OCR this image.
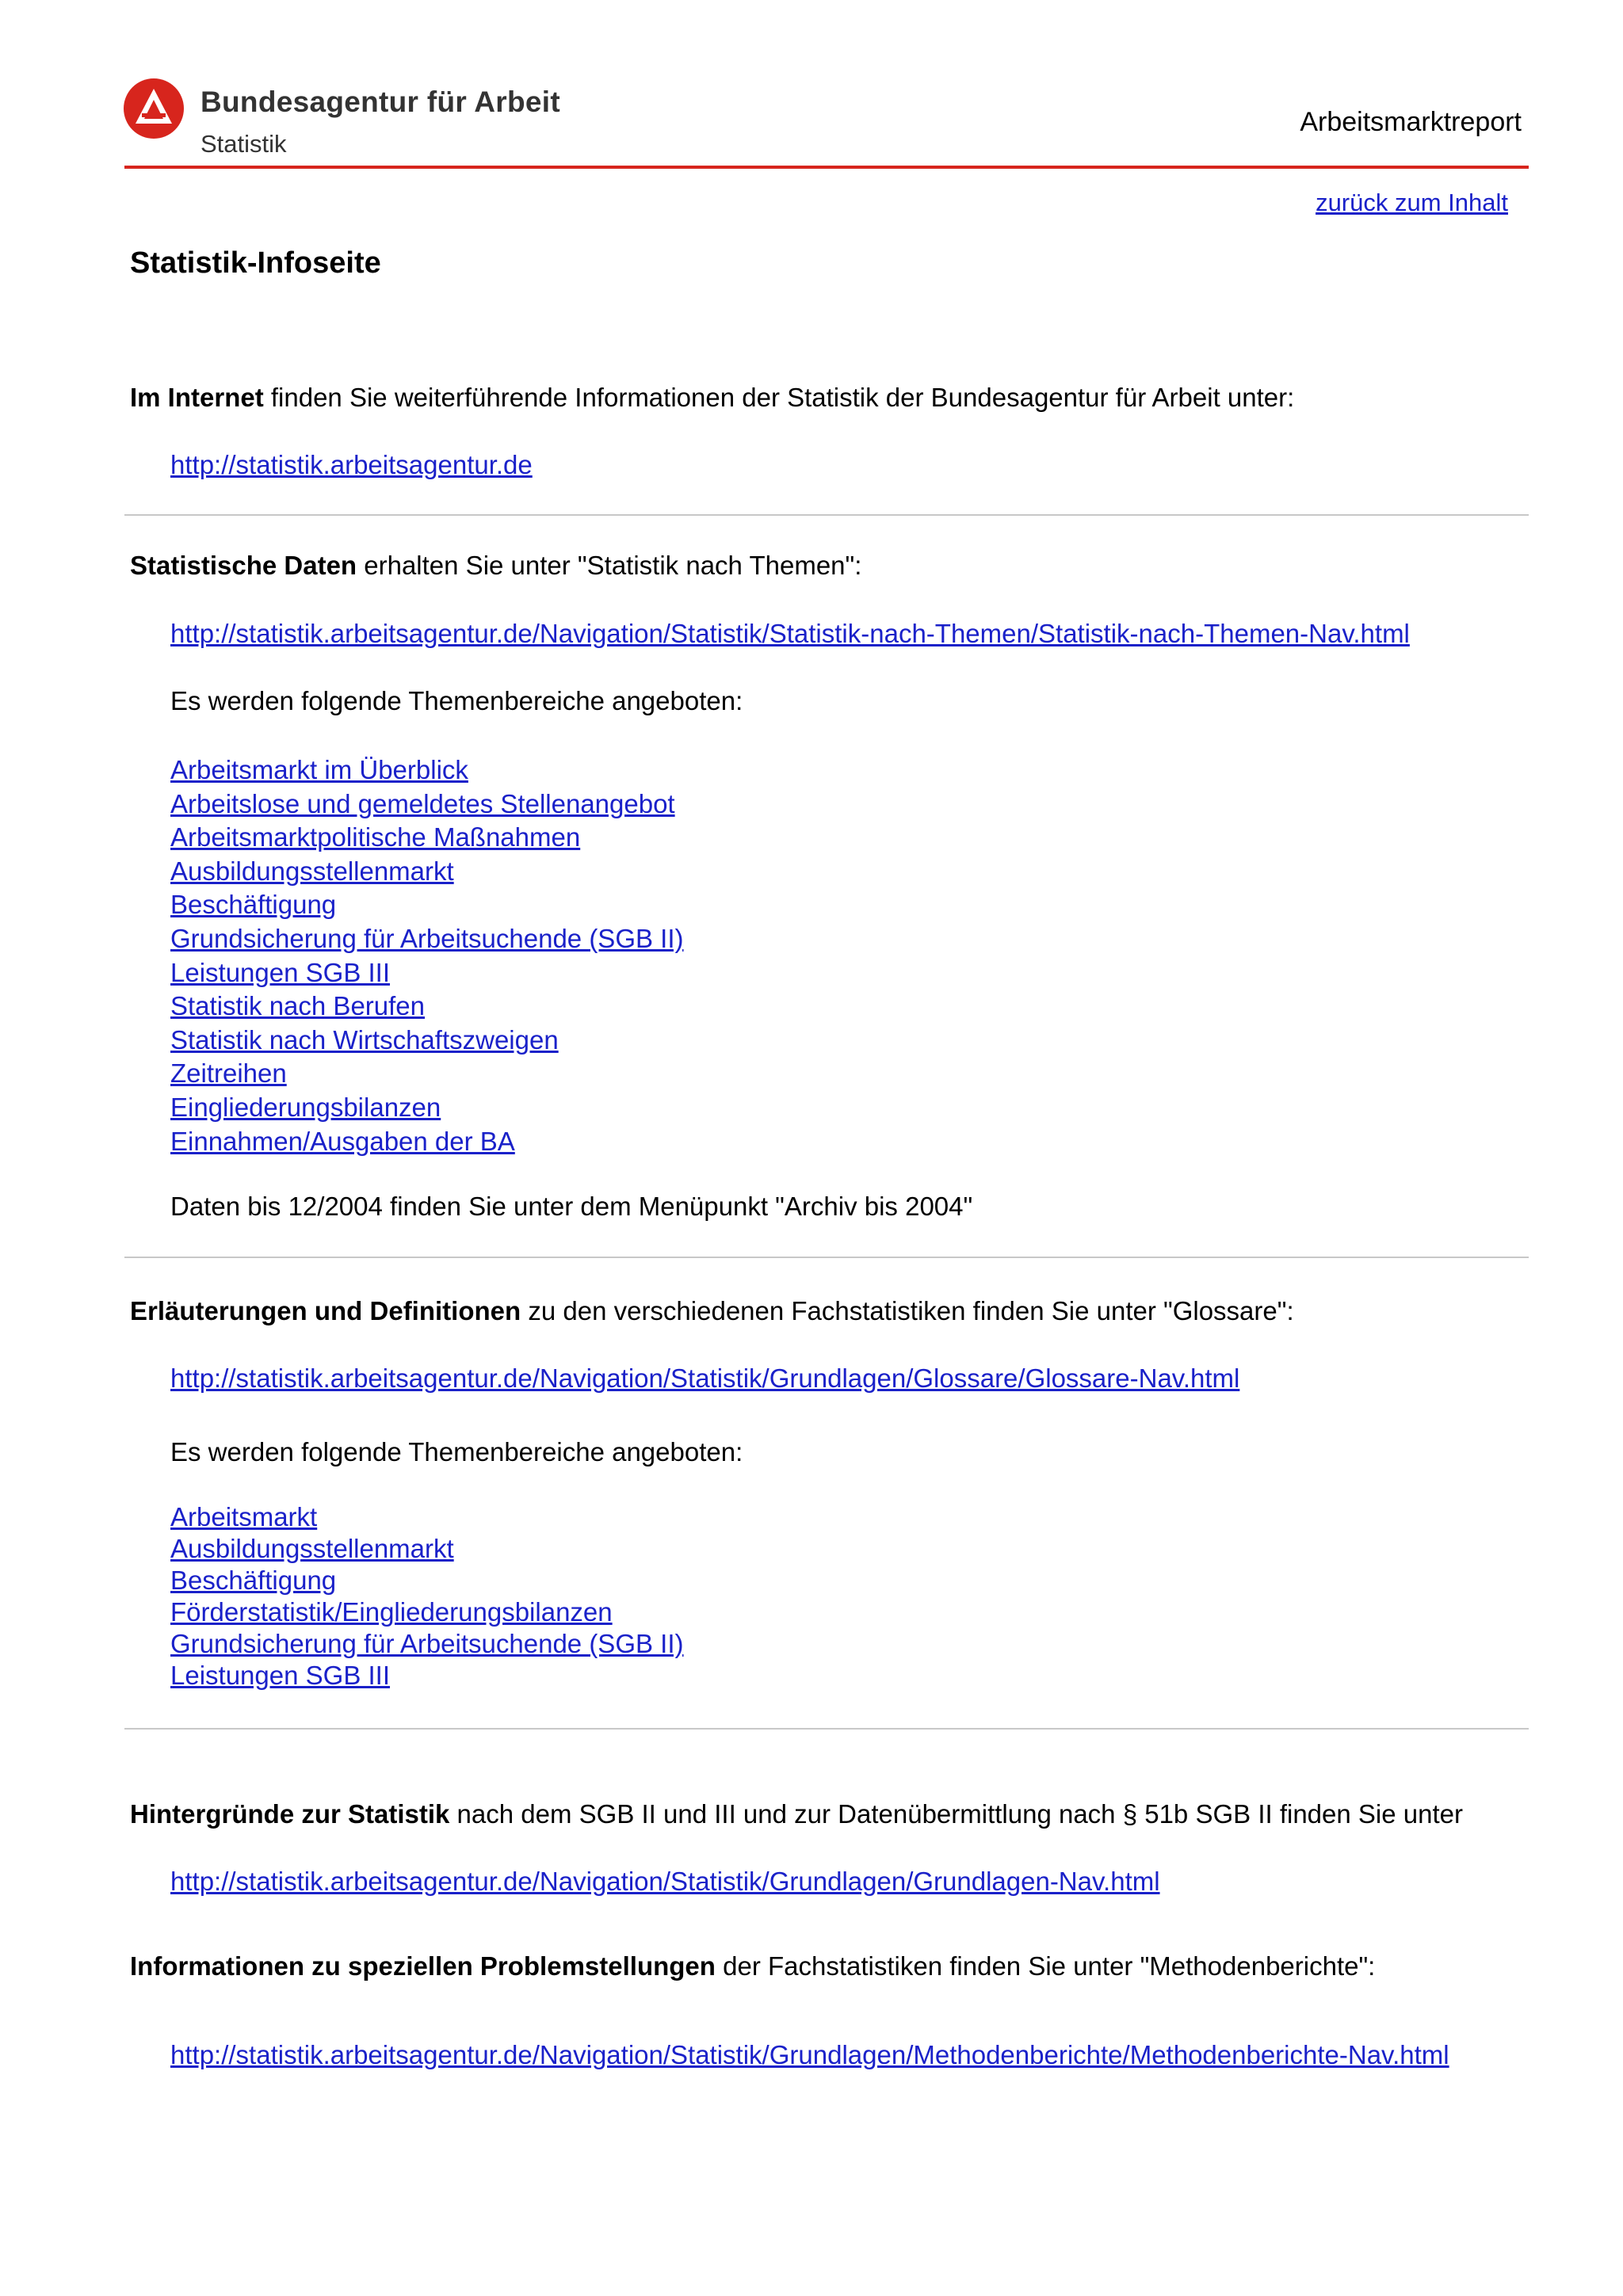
Bundesagentur für Arbeit
Statistik
Arbeitsmarktreport
zurück zum Inhalt
Statistik-Infoseite
Im Internet finden Sie weiterführende Informationen der Statistik der Bundesagentur für Arbeit unter:
http://statistik.arbeitsagentur.de
Statistische Daten erhalten Sie unter "Statistik nach Themen":
http://statistik.arbeitsagentur.de/Navigation/Statistik/Statistik-nach-Themen/Statistik-nach-Themen-Nav.html
Es werden folgende Themenbereiche angeboten:
Arbeitsmarkt im Überblick
Arbeitslose und gemeldetes Stellenangebot
Arbeitsmarktpolitische Maßnahmen
Ausbildungsstellenmarkt
Beschäftigung
Grundsicherung für Arbeitsuchende (SGB II)
Leistungen SGB III
Statistik nach Berufen
Statistik nach Wirtschaftszweigen
Zeitreihen
Eingliederungsbilanzen
Einnahmen/Ausgaben der BA
Daten bis 12/2004 finden Sie unter dem Menüpunkt "Archiv bis 2004"
Erläuterungen und Definitionen zu den verschiedenen Fachstatistiken finden Sie unter "Glossare":
http://statistik.arbeitsagentur.de/Navigation/Statistik/Grundlagen/Glossare/Glossare-Nav.html
Es werden folgende Themenbereiche angeboten:
Arbeitsmarkt
Ausbildungsstellenmarkt
Beschäftigung
Förderstatistik/Eingliederungsbilanzen
Grundsicherung für Arbeitsuchende (SGB II)
Leistungen SGB III
Hintergründe zur Statistik nach dem SGB II und III und zur Datenübermittlung nach § 51b SGB II finden Sie unter
http://statistik.arbeitsagentur.de/Navigation/Statistik/Grundlagen/Grundlagen-Nav.html
Informationen zu speziellen Problemstellungen der Fachstatistiken finden Sie unter "Methodenberichte":
http://statistik.arbeitsagentur.de/Navigation/Statistik/Grundlagen/Methodenberichte/Methodenberichte-Nav.html
